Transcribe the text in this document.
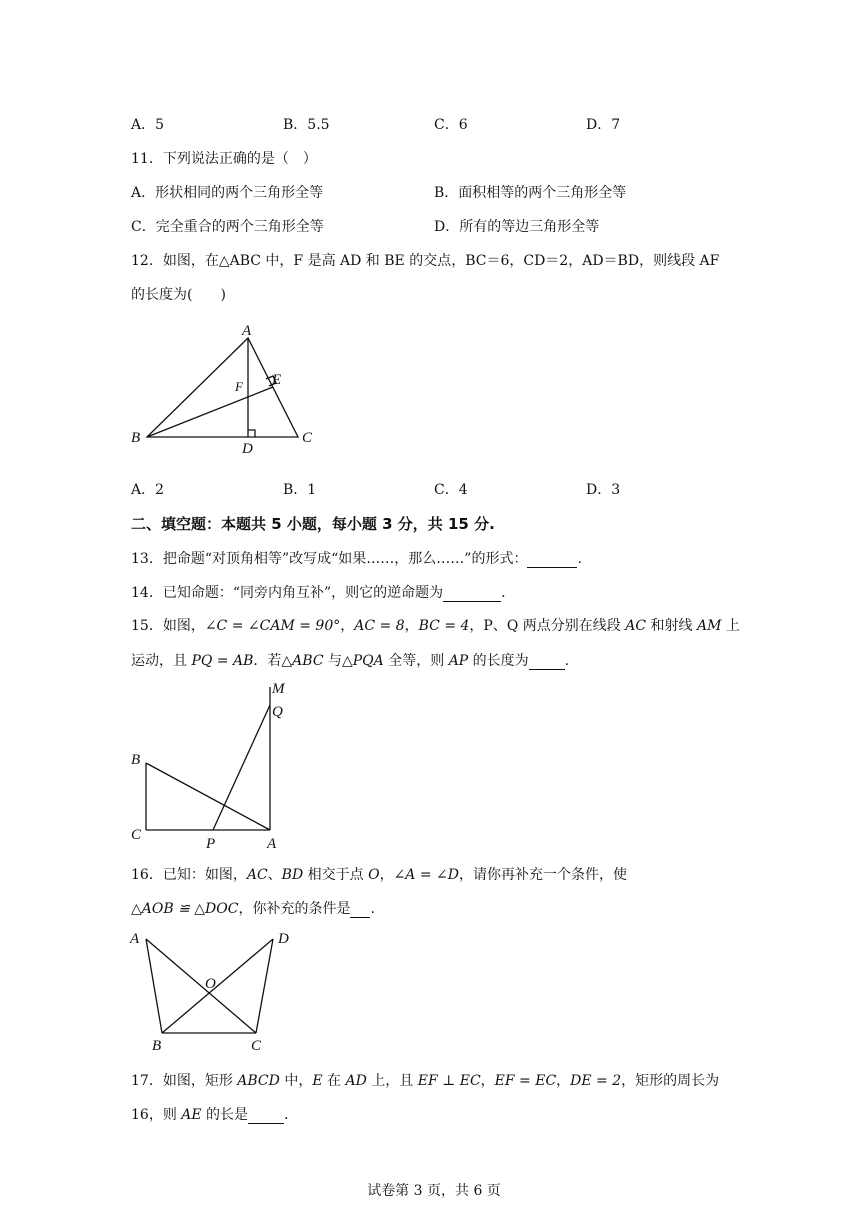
A．5	B．5.5	C．6	D．7
11．下列说法正确的是（　）
A．形状相同的两个三角形全等	B．面积相等的两个三角形全等
C．完全重合的两个三角形全等	D．所有的等边三角形全等
12．如图，在△ABC 中，F 是高 AD 和 BE 的交点，BC＝6，CD＝2，AD＝BD，则线段 AF
的长度为(　　)
A
B	C
D
E
F
A．2	B．1	C．4	D．3
二、填空题：本题共 5 小题，每小题 3 分，共 15 分.
13．把命题“对顶角相等”改写成“如果……，那么……”的形式：	.
14．已知命题：“同旁内角互补”，则它的逆命题为	.
15．如图，∠C = ∠CAM = 90°，AC = 8，BC = 4，P、Q 两点分别在线段 AC 和射线 AM 上
运动，且 PQ = AB．若△ABC 与△PQA 全等，则 AP 的长度为	.
M
Q
B
C
P	A
16．已知：如图，AC、BD 相交于点 O，∠A = ∠D，请你再补充一个条件，使
△AOB ≌ △DOC，你补充的条件是 .
A	D
O
B	C
17．如图，矩形 ABCD 中，E 在 AD 上，且 EF ⊥ EC，EF = EC，DE = 2，矩形的周长为
16，则 AE 的长是	．
试卷第 3 页，共 6 页
